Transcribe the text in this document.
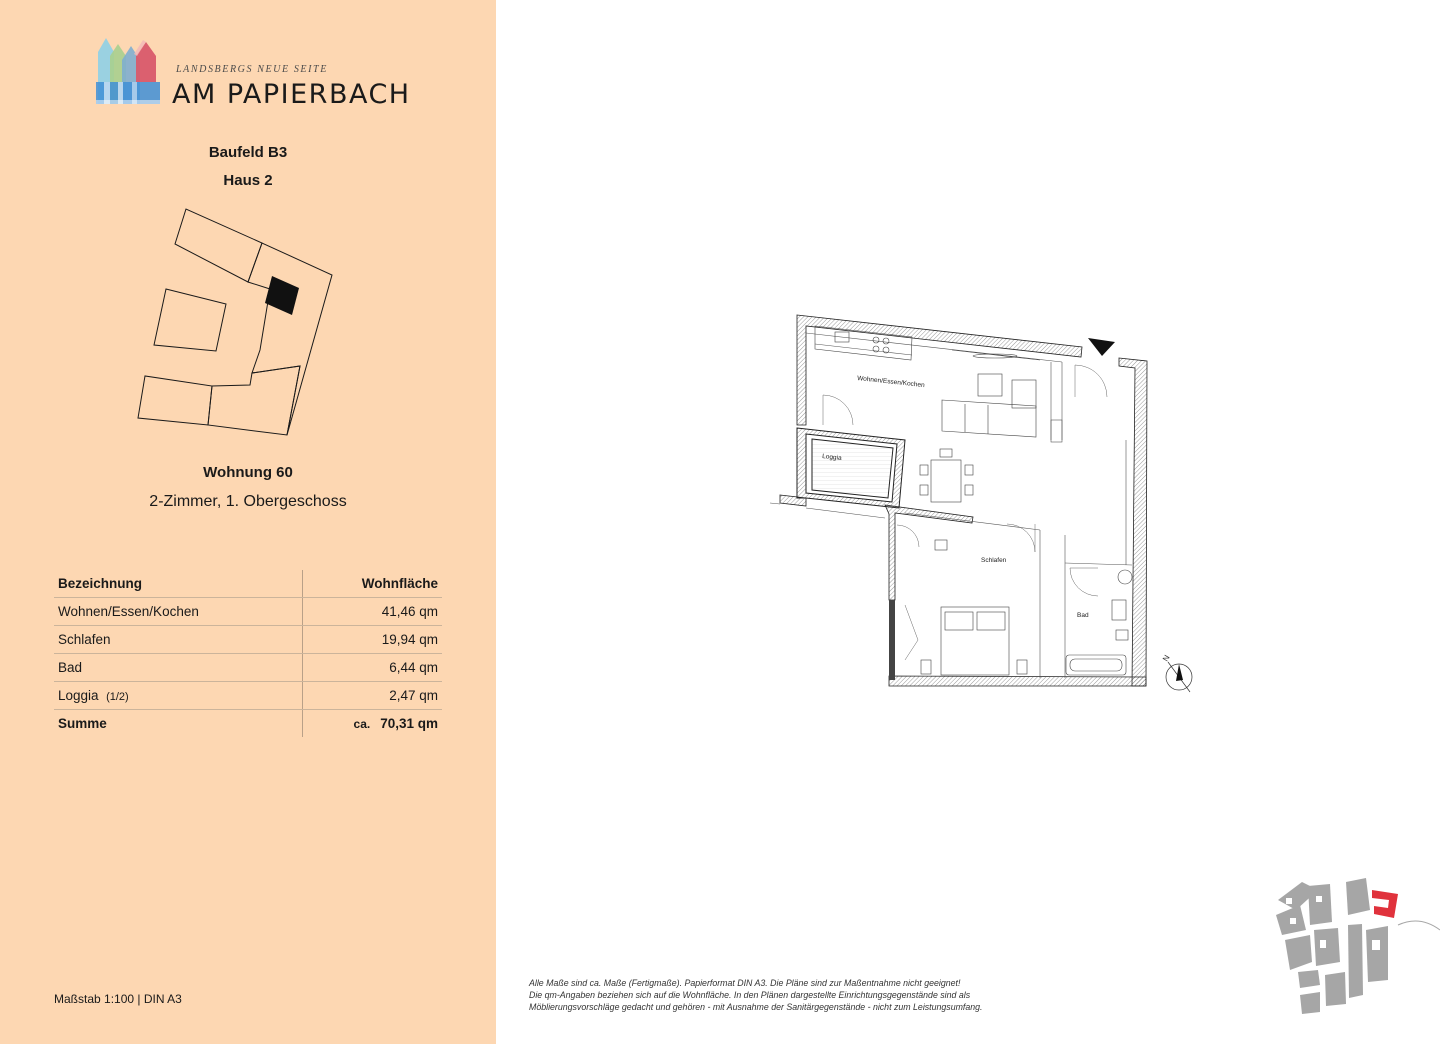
LANDSBERGS NEUE SEITE
AM PAPIERBACH
Baufeld B3
Haus 2
Wohnung 60
2-Zimmer, 1. Obergeschoss
Bezeichnung	Wohnfläche
Wohnen/Essen/Kochen	41,46 qm
Schlafen	19,94 qm
Bad	6,44 qm
Loggia (1/2)	2,47 qm
Summe	ca. 70,31 qm
Maßstab 1:100 | DIN A3
Wohnen/Essen/Kochen
Loggia
Schlafen
Bad
N

Alle Maße sind ca. Maße (Fertigmaße). Papierformat DIN A3. Die Pläne sind zur Maßentnahme nicht geeignet!

Die qm-Angaben beziehen sich auf die Wohnfläche. In den Plänen dargestellte Einrichtungsgegenstände sind als

Möblierungsvorschläge gedacht und gehören - mit Ausnahme der Sanitärgegenstände - nicht zum Leistungsumfang.
